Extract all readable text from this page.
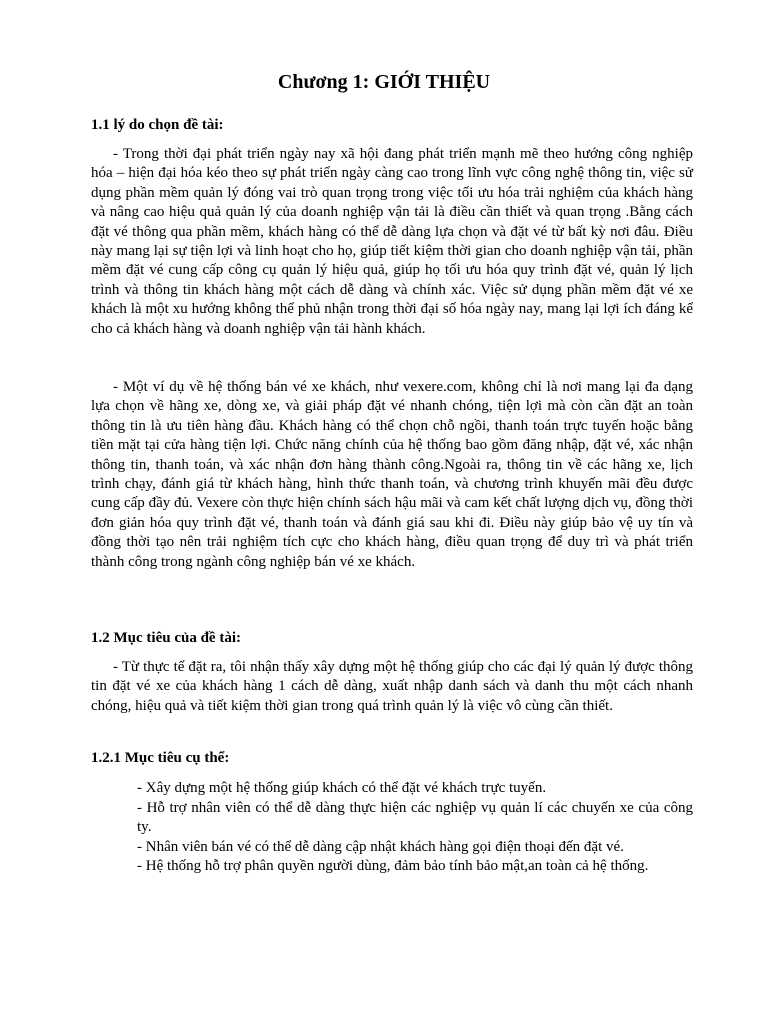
Chương 1: GIỚI THIỆU
1.1 lý do chọn đề tài:

- Trong thời đại phát triển ngày nay xã hội đang phát triển mạnh mẽ theo hướng công nghiệp hóa – hiện đại hóa kéo theo sự phát triển ngày càng cao trong lĩnh vực công nghệ thông tin, việc sử dụng phần mềm quản lý đóng vai trò quan trọng trong việc tối ưu hóa trải nghiệm của khách hàng và nâng cao hiệu quả quản lý của doanh nghiệp vận tải là điều cần thiết và quan trọng .Bằng cách đặt vé thông qua phần mềm, khách hàng có thể dễ dàng lựa chọn và đặt vé từ bất kỳ nơi đâu. Điều này mang lại sự tiện lợi và linh hoạt cho họ, giúp tiết kiệm thời gian cho doanh nghiệp vận tải, phần mềm đặt vé cung cấp công cụ quản lý hiệu quả, giúp họ tối ưu hóa quy trình đặt vé, quản lý lịch trình và thông tin khách hàng một cách dễ dàng và chính xác. Việc sử dụng phần mềm đặt vé xe khách là một xu hướng không thể phủ nhận trong thời đại số hóa ngày nay, mang lại lợi ích đáng kể cho cả khách hàng và doanh nghiệp vận tải hành khách.

- Một ví dụ về hệ thống bán vé xe khách, như vexere.com, không chỉ là nơi mang lại đa dạng lựa chọn về hãng xe, dòng xe, và giải pháp đặt vé nhanh chóng, tiện lợi mà còn cần đặt an toàn thông tin là ưu tiên hàng đầu. Khách hàng có thể chọn chỗ ngồi, thanh toán trực tuyến hoặc bằng tiền mặt tại cửa hàng tiện lợi. Chức năng chính của hệ thống bao gồm đăng nhập, đặt vé, xác nhận thông tin, thanh toán, và xác nhận đơn hàng thành công.Ngoài ra, thông tin về các hãng xe, lịch trình chạy, đánh giá từ khách hàng, hình thức thanh toán, và chương trình khuyến mãi đều được cung cấp đầy đủ. Vexere còn thực hiện chính sách hậu mãi và cam kết chất lượng dịch vụ, đồng thời đơn giản hóa quy trình đặt vé, thanh toán và đánh giá sau khi đi. Điều này giúp bảo vệ uy tín và đồng thời tạo nên trải nghiệm tích cực cho khách hàng, điều quan trọng để duy trì và phát triển thành công trong ngành công nghiệp bán vé xe khách.

1.2 Mục tiêu của đề tài:

- Từ thực tế đặt ra, tôi nhận thấy xây dựng một hệ thống giúp cho các đại lý quản lý được thông tin đặt vé xe của khách hàng 1 cách dễ dàng, xuất nhập danh sách và danh thu một cách nhanh chóng, hiệu quả và tiết kiệm thời gian trong quá trình quản lý là việc vô cùng cần thiết.

1.2.1 Mục tiêu cụ thể:
- Xây dựng một hệ thống giúp khách có thể đặt vé khách trực tuyến.
- Hỗ trợ nhân viên có thể dễ dàng thực hiện các nghiệp vụ quản lí các chuyến xe của công ty.
- Nhân viên bán vé có thể dễ dàng cập nhật khách hàng gọi điện thoại đến đặt vé.
- Hệ thống hỗ trợ phân quyền người dùng, đảm bảo tính bảo mật,an toàn cả hệ thống.
